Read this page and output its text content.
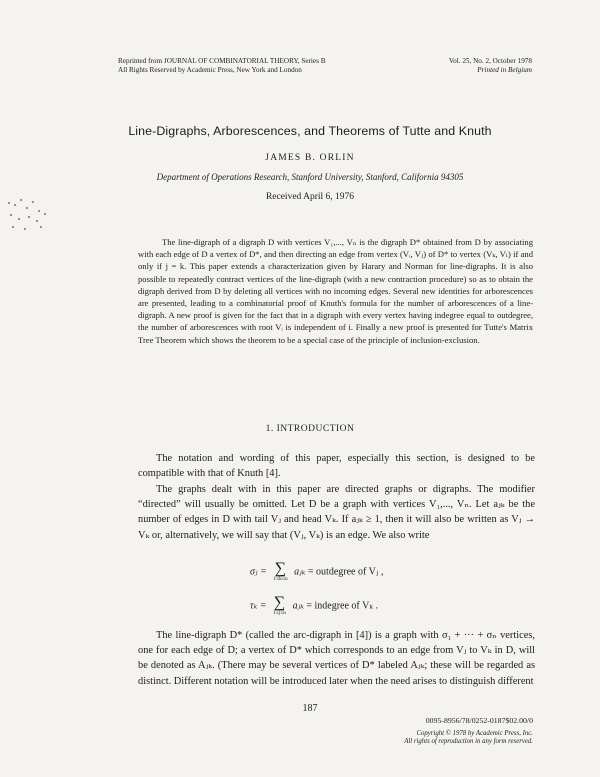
Reprinted from JOURNAL OF COMBINATORIAL THEORY, Series B
All Rights Reserved by Academic Press, New York and London
Vol. 25, No. 2, October 1978
Printed in Belgium
Line-Digraphs, Arborescences, and Theorems of Tutte and Knuth
JAMES B. ORLIN
Department of Operations Research, Stanford University, Stanford, California 94305
Received April 6, 1976

The line-digraph of a digraph D with vertices V₁,..., Vₙ is the digraph D* obtained from D by associating with each edge of D a vertex of D*, and then directing an edge from vertex (Vᵢ, Vⱼ) of D* to vertex (Vₖ, Vₗ) if and only if j = k. This paper extends a characterization given by Harary and Norman for line-digraphs. It is also possible to repeatedly contract vertices of the line-digraph (with a new contraction procedure) so as to obtain the digraph derived from D by deleting all vertices with no incoming edges. Several new identities for arborescences are presented, leading to a combinatorial proof of Knuth's formula for the number of arborescences of a line-digraph. A new proof is given for the fact that in a digraph with every vertex having indegree equal to outdegree, the number of arborescences with root Vᵢ is independent of i. Finally a new proof is presented for Tutte's Matrix Tree Theorem which shows the theorem to be a special case of the principle of inclusion-exclusion.

1. INTRODUCTION

The notation and wording of this paper, especially this section, is designed to be compatible with that of Knuth [4].

The graphs dealt with in this paper are directed graphs or digraphs. The modifier “directed” will usually be omitted. Let D be a graph with vertices V₁,..., Vₙ. Let aⱼₖ be the number of edges in D with tail Vⱼ and head Vₖ. If aⱼₖ ≥ 1, then it will also be written as Vⱼ → Vₖ or, alternatively, we will say that (Vⱼ, Vₖ) is an edge. We also write

σⱼ = ∑
1≤k≤n
aⱼₖ = outdegree of Vⱼ ,
τₖ = ∑
1≤j≤n
aⱼₖ = indegree of Vₖ .

The line-digraph D* (called the arc-digraph in [4]) is a graph with σ₁ + ··· + σₙ vertices, one for each edge of D; a vertex of D* which corresponds to an edge from Vⱼ to Vₖ in D, will be denoted as Aⱼₖ. (There may be several vertices of D* labeled Aⱼₖ; these will be regarded as distinct. Different notation will be introduced later when the need arises to distinguish different

187
0095-8956/78/0252-0187$02.00/0
Copyright © 1978 by Academic Press, Inc.
All rights of reproduction in any form reserved.
